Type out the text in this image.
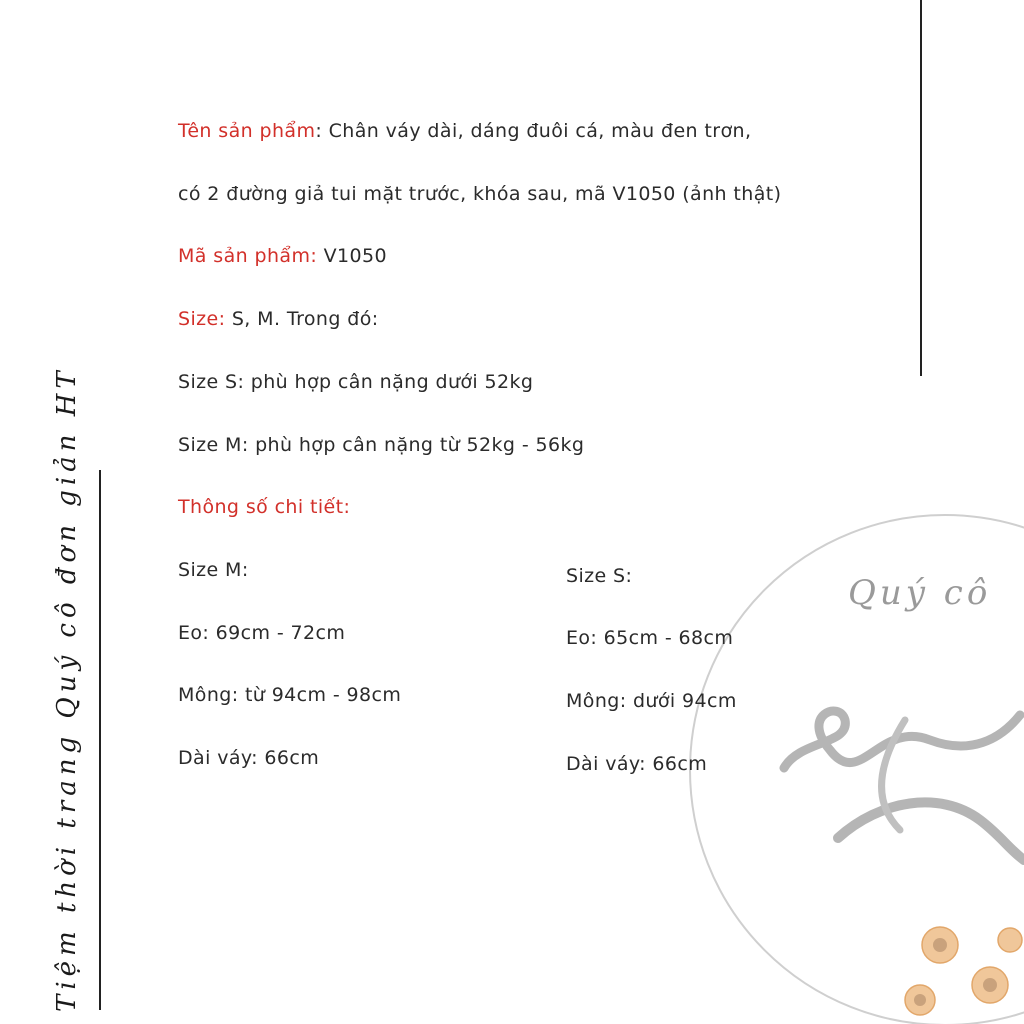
Tiệm thời trang Quý cô đơn giản HT	Quý cô
Tên sản phẩm: Chân váy dài, dáng đuôi cá, màu đen trơn,
có 2 đường giả tui mặt trước, khóa sau, mã V1050 (ảnh thật)
Mã sản phẩm: V1050
Size: S, M. Trong đó:
Size S: phù hợp cân nặng dưới 52kg
Size M: phù hợp cân nặng từ 52kg - 56kg
Thông số chi tiết:
Size M:
Eo: 69cm - 72cm
Mông: từ 94cm - 98cm
Dài váy: 66cm
Size S:
Eo: 65cm - 68cm
Mông: dưới 94cm
Dài váy: 66cm
